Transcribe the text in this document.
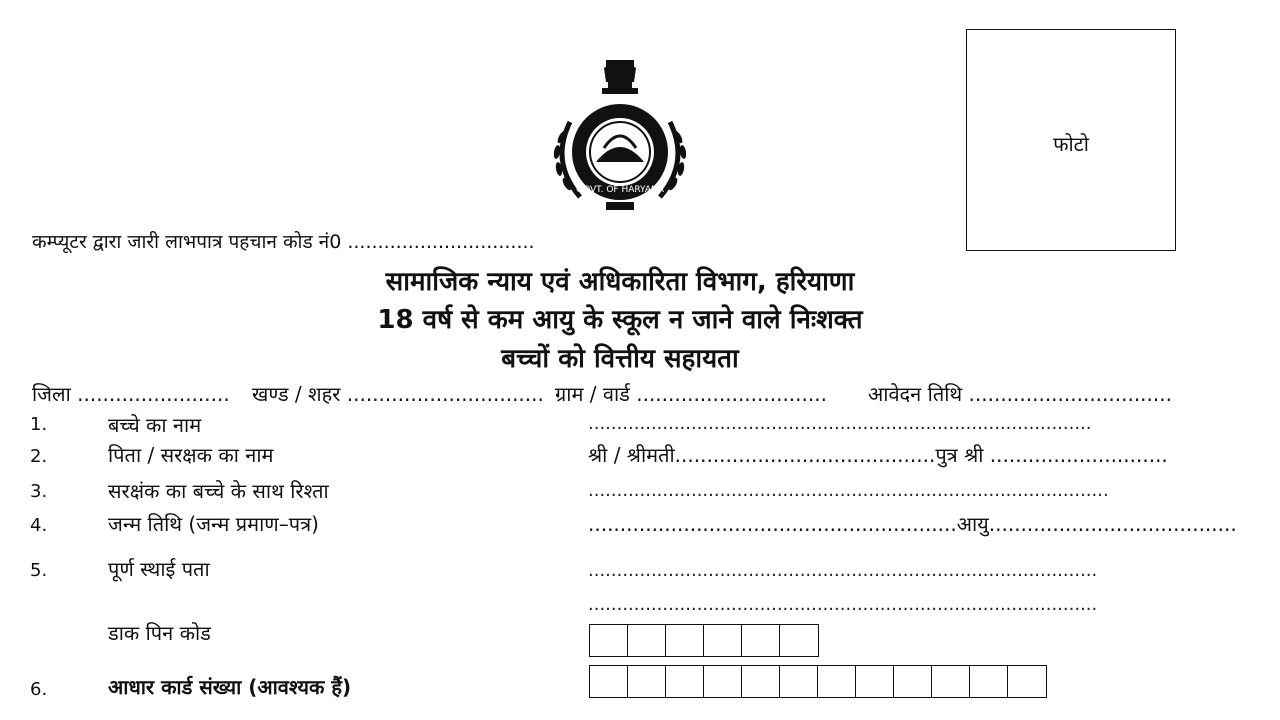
GOVT. OF HARYANA
फोटो
कम्प्यूटर द्वारा जारी लाभपात्र पहचान कोड नं0 ...............................
सामाजिक न्याय एवं अधिकारिता विभाग, हरियाणा
18 वर्ष से कम आयु के स्कूल न जाने वाले निःशक्त
बच्चों को वित्तीय सहायता
जिला ........................ खण्ड / शहर ............................... ग्राम / वार्ड .............................. आवेदन तिथि ................................
1.	बच्चे का नाम	........................................................................................
2.	पिता / सरक्षक का नाम	श्री / श्रीमती.........................................पुत्र श्री ............................
3.	सरक्षंक का बच्चे के साथ रिश्ता	...........................................................................................
4.	जन्म तिथि (जन्म प्रमाण–पत्र)	..........................................................आयु.......................................
5.	पूर्ण स्थाई पता	.........................................................................................
.........................................................................................
डाक पिन कोड
6.	आधार कार्ड संख्या (आवश्यक हैं)
